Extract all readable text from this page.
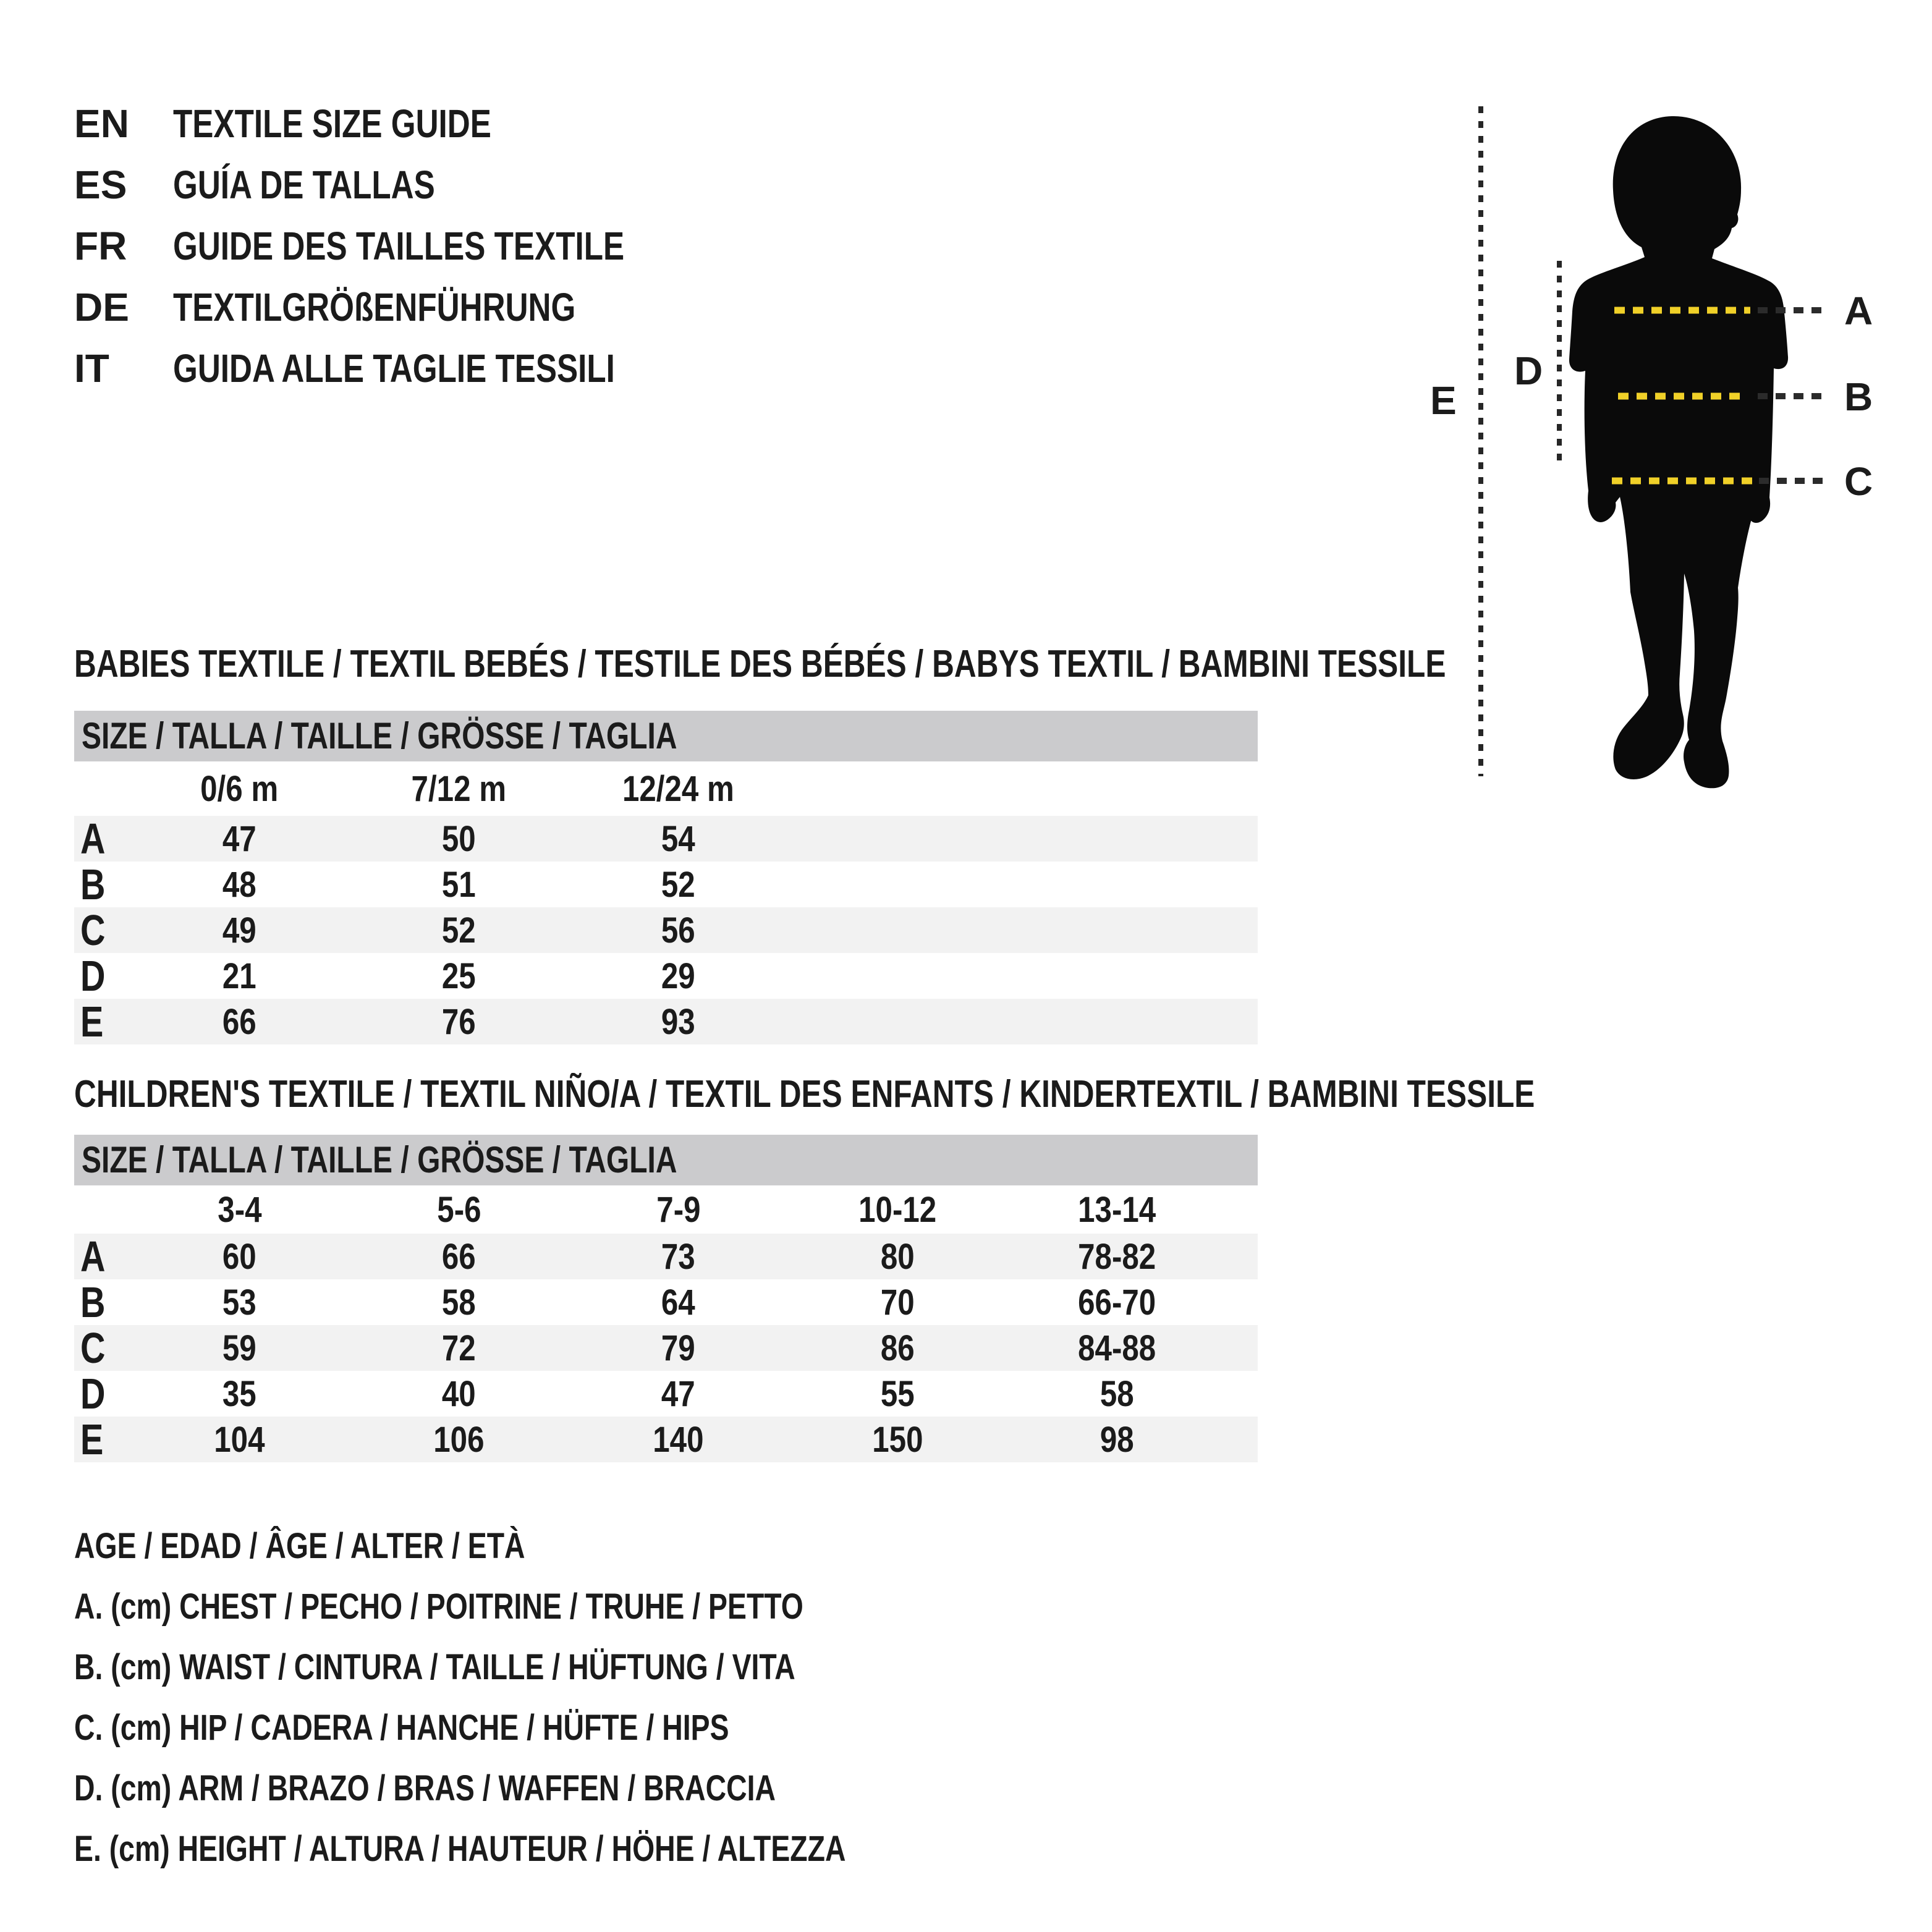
EN	TEXTILE SIZE GUIDE
ES	GUÍA DE TALLAS
FR	GUIDE DES TAILLES TEXTILE
DE	TEXTILGRÖßENFÜHRUNG
IT	GUIDA ALLE TAGLIE TESSILI
A
B
C
D
E
BABIES TEXTILE / TEXTIL BEBÉS / TESTILE DES BÉBÉS / BABYS TEXTIL / BAMBINI TESSILE
SIZE / TALLA / TAILLE / GRÖSSE / TAGLIA
0/6 m	7/12 m	12/24 m
A	47	50	54
B	48	51	52
C	49	52	56
D	21	25	29
E	66	76	93
CHILDREN'S TEXTILE / TEXTIL NIÑO/A / TEXTIL DES ENFANTS / KINDERTEXTIL / BAMBINI TESSILE
SIZE / TALLA / TAILLE / GRÖSSE / TAGLIA
3-4	5-6	7-9	10-12	13-14
A	60	66	73	80	78-82
B	53	58	64	70	66-70
C	59	72	79	86	84-88
D	35	40	47	55	58
E	104	106	140	150	98
AGE / EDAD / ÂGE / ALTER / ETÀ
A. (cm) CHEST / PECHO / POITRINE / TRUHE / PETTO
B. (cm) WAIST / CINTURA / TAILLE / HÜFTUNG / VITA
C. (cm) HIP / CADERA / HANCHE / HÜFTE / HIPS
D. (cm) ARM / BRAZO / BRAS / WAFFEN / BRACCIA
E. (cm) HEIGHT / ALTURA / HAUTEUR / HÖHE / ALTEZZA
